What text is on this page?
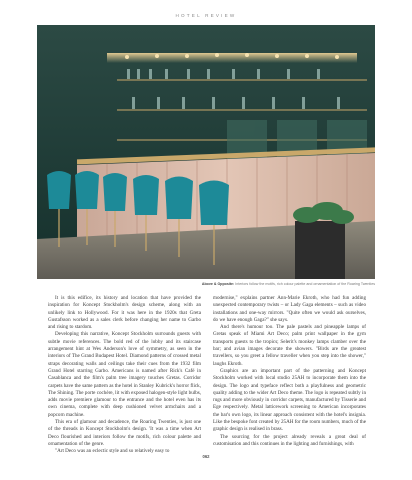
HOTEL REVIEW
Above & Opposite: Interiors follow the motifs, rich colour palette and ornamentation of the Roaring Twenties

It is this edifice, its history and location that have provided the inspiration for Koncept Stockholm's design scheme, along with an unlikely link to Hollywood. For it was here in the 1920s that Greta Gustafsson worked as a sales clerk before changing her name to Garbo and rising to stardom.

Developing this narrative, Koncept Stockholm surrounds guests with subtle movie references. The bold red of the lobby and its staircase arrangement hint at Wes Anderson's love of symmetry, as seen in the interiors of The Grand Budapest Hotel. Diamond patterns of crossed metal straps decorating walls and ceilings take their cues from the 1932 film Grand Hotel starring Garbo. Americans is named after Rick's Café in Casablanca and the film's palm tree imagery touches Gretas. Corridor carpets have the same pattern as the hotel in Stanley Kubrick's horror flick, The Shining. The porte cochère, lit with exposed halogen-style light bulbs, adds movie premiere glamour to the entrance and the hotel even has its own cinema, complete with deep cushioned velvet armchairs and a popcorn machine.

This era of glamour and decadence, the Roaring Twenties, is just one of the threads in Koncept Stockholm's design. 'It was a time when Art Deco flourished and interiors follow the motifs, rich colour palette and ornamentation of the genre.

"Art Deco was an eclectic style and so relatively easy to

modernise," explains partner Ann-Marie Ekroth, who had fun adding unexpected contemporary twists – or Lady Gaga elements – such as video installations and one-way mirrors. "Quite often we would ask ourselves, do we have enough Gaga?" she says.

And there's humour too. The pale pastels and pineapple lamps of Gretas speak of Miami Art Deco; palm print wallpaper in the gym transports guests to the tropics; Selerit's monkey lamps clamber over the bar; and avian images decorate the showers. "Birds are the greatest travellers, so you greet a fellow traveller when you step into the shower," laughs Ekroth.

Graphics are an important part of the patterning and Koncept Stockholm worked with local studio 25AH to incorporate them into the design. The logo and typeface reflect both a playfulness and geometric quality adding to the wider Art Deco theme. The logo is repeated subtly in rugs and more obviously in corridor carpets, manufactured by Tisserie and Ege respectively. Metal latticework screening to American incorporates the bar's own logo, its linear approach consistent with the hotel's insignia. Like the bespoke font created by 25AH for the room numbers, much of the graphic design is realised in brass.

The sourcing for the project already reveals a great deal of customisation and this continues in the lighting and furnishings, with

062
